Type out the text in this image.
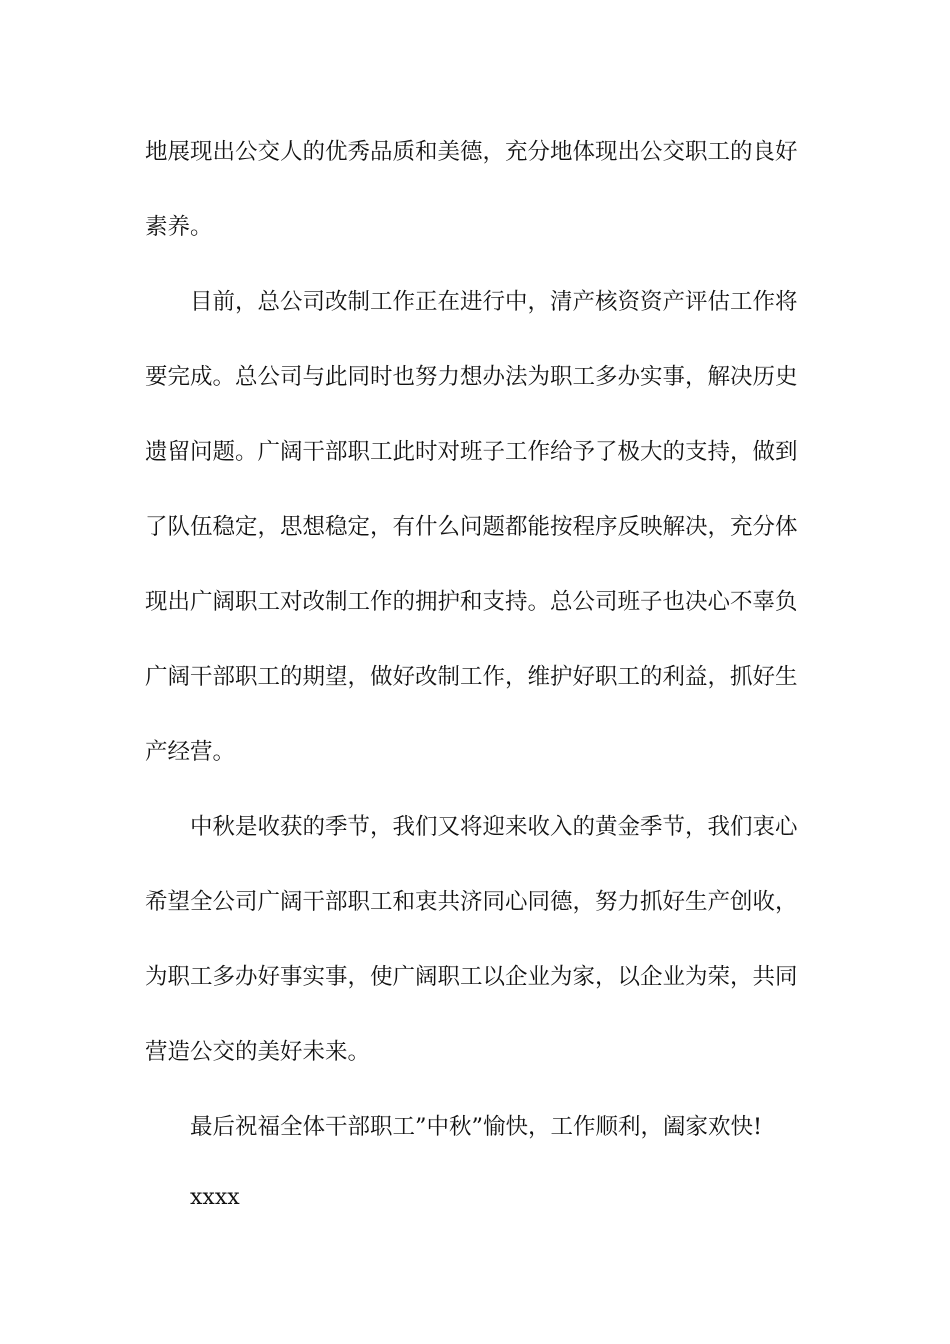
地展现出公交人的优秀品质和美德，充分地体现出公交职工的良好
素养。
目前，总公司改制工作正在进行中，清产核资资产评估工作将
要完成。总公司与此同时也努力想办法为职工多办实事，解决历史
遗留问题。广阔干部职工此时对班子工作给予了极大的支持，做到
了队伍稳定，思想稳定，有什么问题都能按程序反映解决，充分体
现出广阔职工对改制工作的拥护和支持。总公司班子也决心不辜负
广阔干部职工的期望，做好改制工作，维护好职工的利益，抓好生
产经营。
中秋是收获的季节，我们又将迎来收入的黄金季节，我们衷心
希望全公司广阔干部职工和衷共济同心同德，努力抓好生产创收，
为职工多办好事实事，使广阔职工以企业为家，以企业为荣，共同
营造公交的美好未来。
最后祝福全体干部职工”中秋”愉快，工作顺利，阖家欢快!
xxxx
